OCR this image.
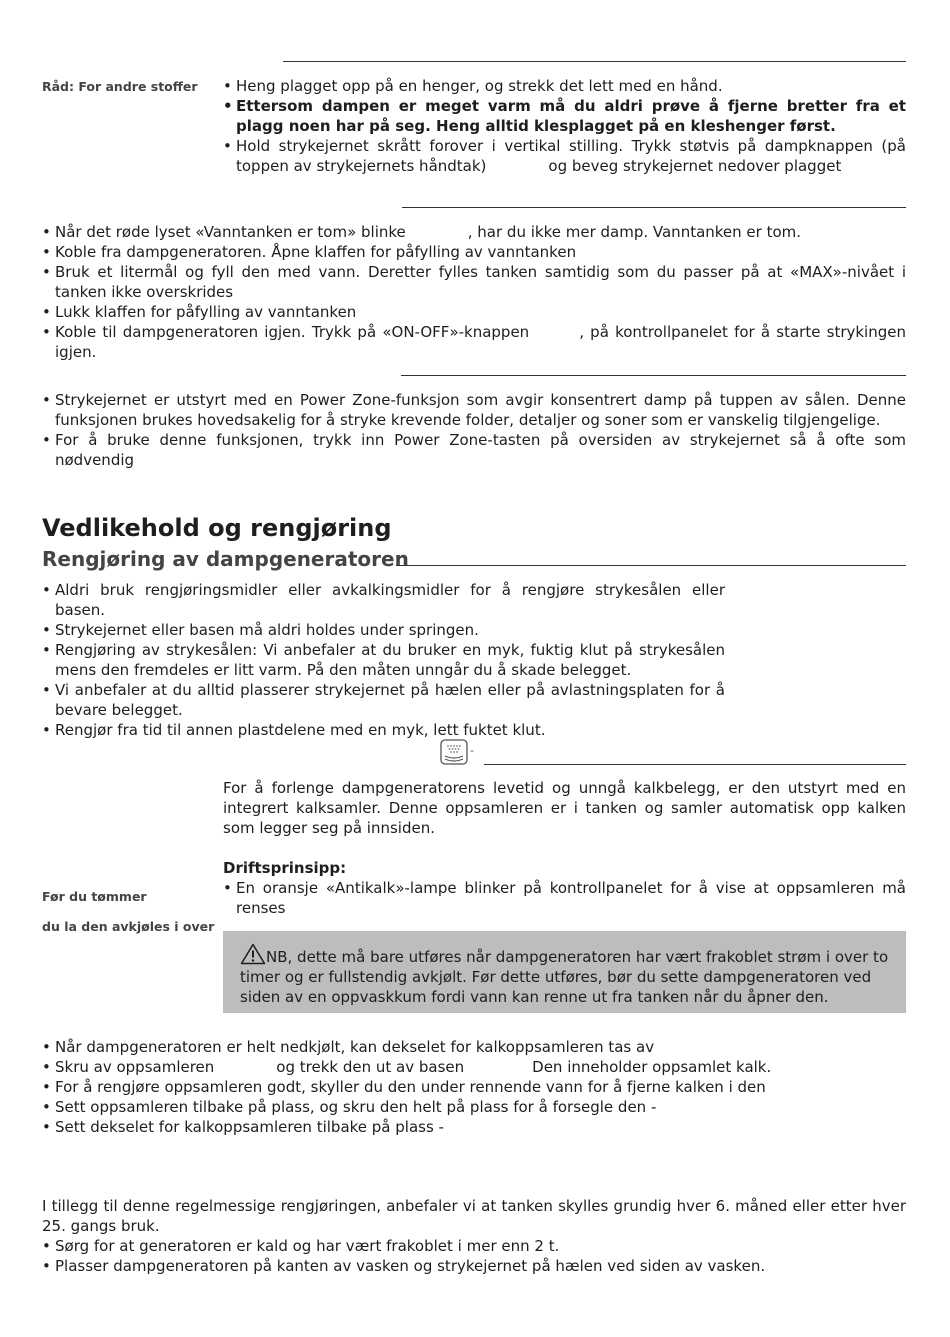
Råd: For andre stoffer
•	Heng plagget opp på en henger, og strekk det lett med en hånd.
• Ettersom dampen er meget varm må du aldri prøve å fjerne bretter fra et plagg noen har på seg. Heng alltid klesplagget på en kleshenger først.
• Hold strykejernet skrått forover i vertikal stilling. Trykk støtvis på dampknappen (på toppen av strykejernets håndtak)	og beveg strykejernet nedover plagget
• Når det røde lyset «Vanntanken er tom» blinke	, har du ikke mer damp. Vanntanken er tom.
• Koble fra dampgeneratoren. Åpne klaffen for påfylling av vanntanken
• Bruk et litermål og fyll den med vann. Deretter fylles tanken samtidig som du passer på at «MAX»-nivået i tanken ikke overskrides
• Lukk klaffen for påfylling av vanntanken
• Koble til dampgeneratoren igjen. Trykk på «ON-OFF»-knappen	, på kontrollpanelet for å starte strykingen igjen.
• Strykejernet er utstyrt med en Power Zone-funksjon som avgir konsentrert damp på tuppen av sålen. Denne funksjonen brukes hovedsakelig for å stryke krevende folder, detaljer og soner som er vanskelig tilgjengelige.
• For å bruke denne funksjonen, trykk inn Power Zone-tasten på oversiden av strykejernet så å ofte som nødvendig
Vedlikehold og rengjøring
Rengjøring av dampgeneratoren
• Aldri bruk rengjøringsmidler eller avkalkingsmidler for å rengjøre strykesålen eller basen.
• Strykejernet eller basen må aldri holdes under springen.
• Rengjøring av strykesålen: Vi anbefaler at du bruker en myk, fuktig klut på strykesålen mens den fremdeles er litt varm. På den måten unngår du å skade belegget.
• Vi anbefaler at du alltid plasserer strykejernet på hælen eller på avlastningsplaten for å bevare belegget.
• Rengjør fra tid til annen plastdelene med en myk, lett fuktet klut.
-

For å forlenge dampgeneratorens levetid og unngå kalkbelegg, er den utstyrt med en integrert kalksamler. Denne oppsamleren er i tanken og samler automatisk opp kalken som legger seg på innsiden.

Driftsprinsipp:
• En oransje «Antikalk»-lampe blinker på kontrollpanelet for å vise at oppsamleren må renses
Før du tømmer
du la den avkjøles i over
NB, dette må bare utføres når dampgeneratoren har vært frakoblet strøm i over to timer og er fullstendig avkjølt. Før dette utføres, bør du sette dampgeneratoren ved siden av en oppvaskkum fordi vann kan renne ut fra tanken når du åpner den.
• Når dampgeneratoren er helt nedkjølt, kan dekselet for kalkoppsamleren tas av
• Skru av oppsamleren	og trekk den ut av basen	Den inneholder oppsamlet kalk.
• For å rengjøre oppsamleren godt, skyller du den under rennende vann for å fjerne kalken i den
• Sett oppsamleren tilbake på plass, og skru den helt på plass for å forsegle den -
• Sett dekselet for kalkoppsamleren tilbake på plass -

I tillegg til denne regelmessige rengjøringen, anbefaler vi at tanken skylles grundig hver 6. måned eller etter hver 25. gangs bruk.

• Sørg for at generatoren er kald og har vært frakoblet i mer enn 2 t.
• Plasser dampgeneratoren på kanten av vasken og strykejernet på hælen ved siden av vasken.
